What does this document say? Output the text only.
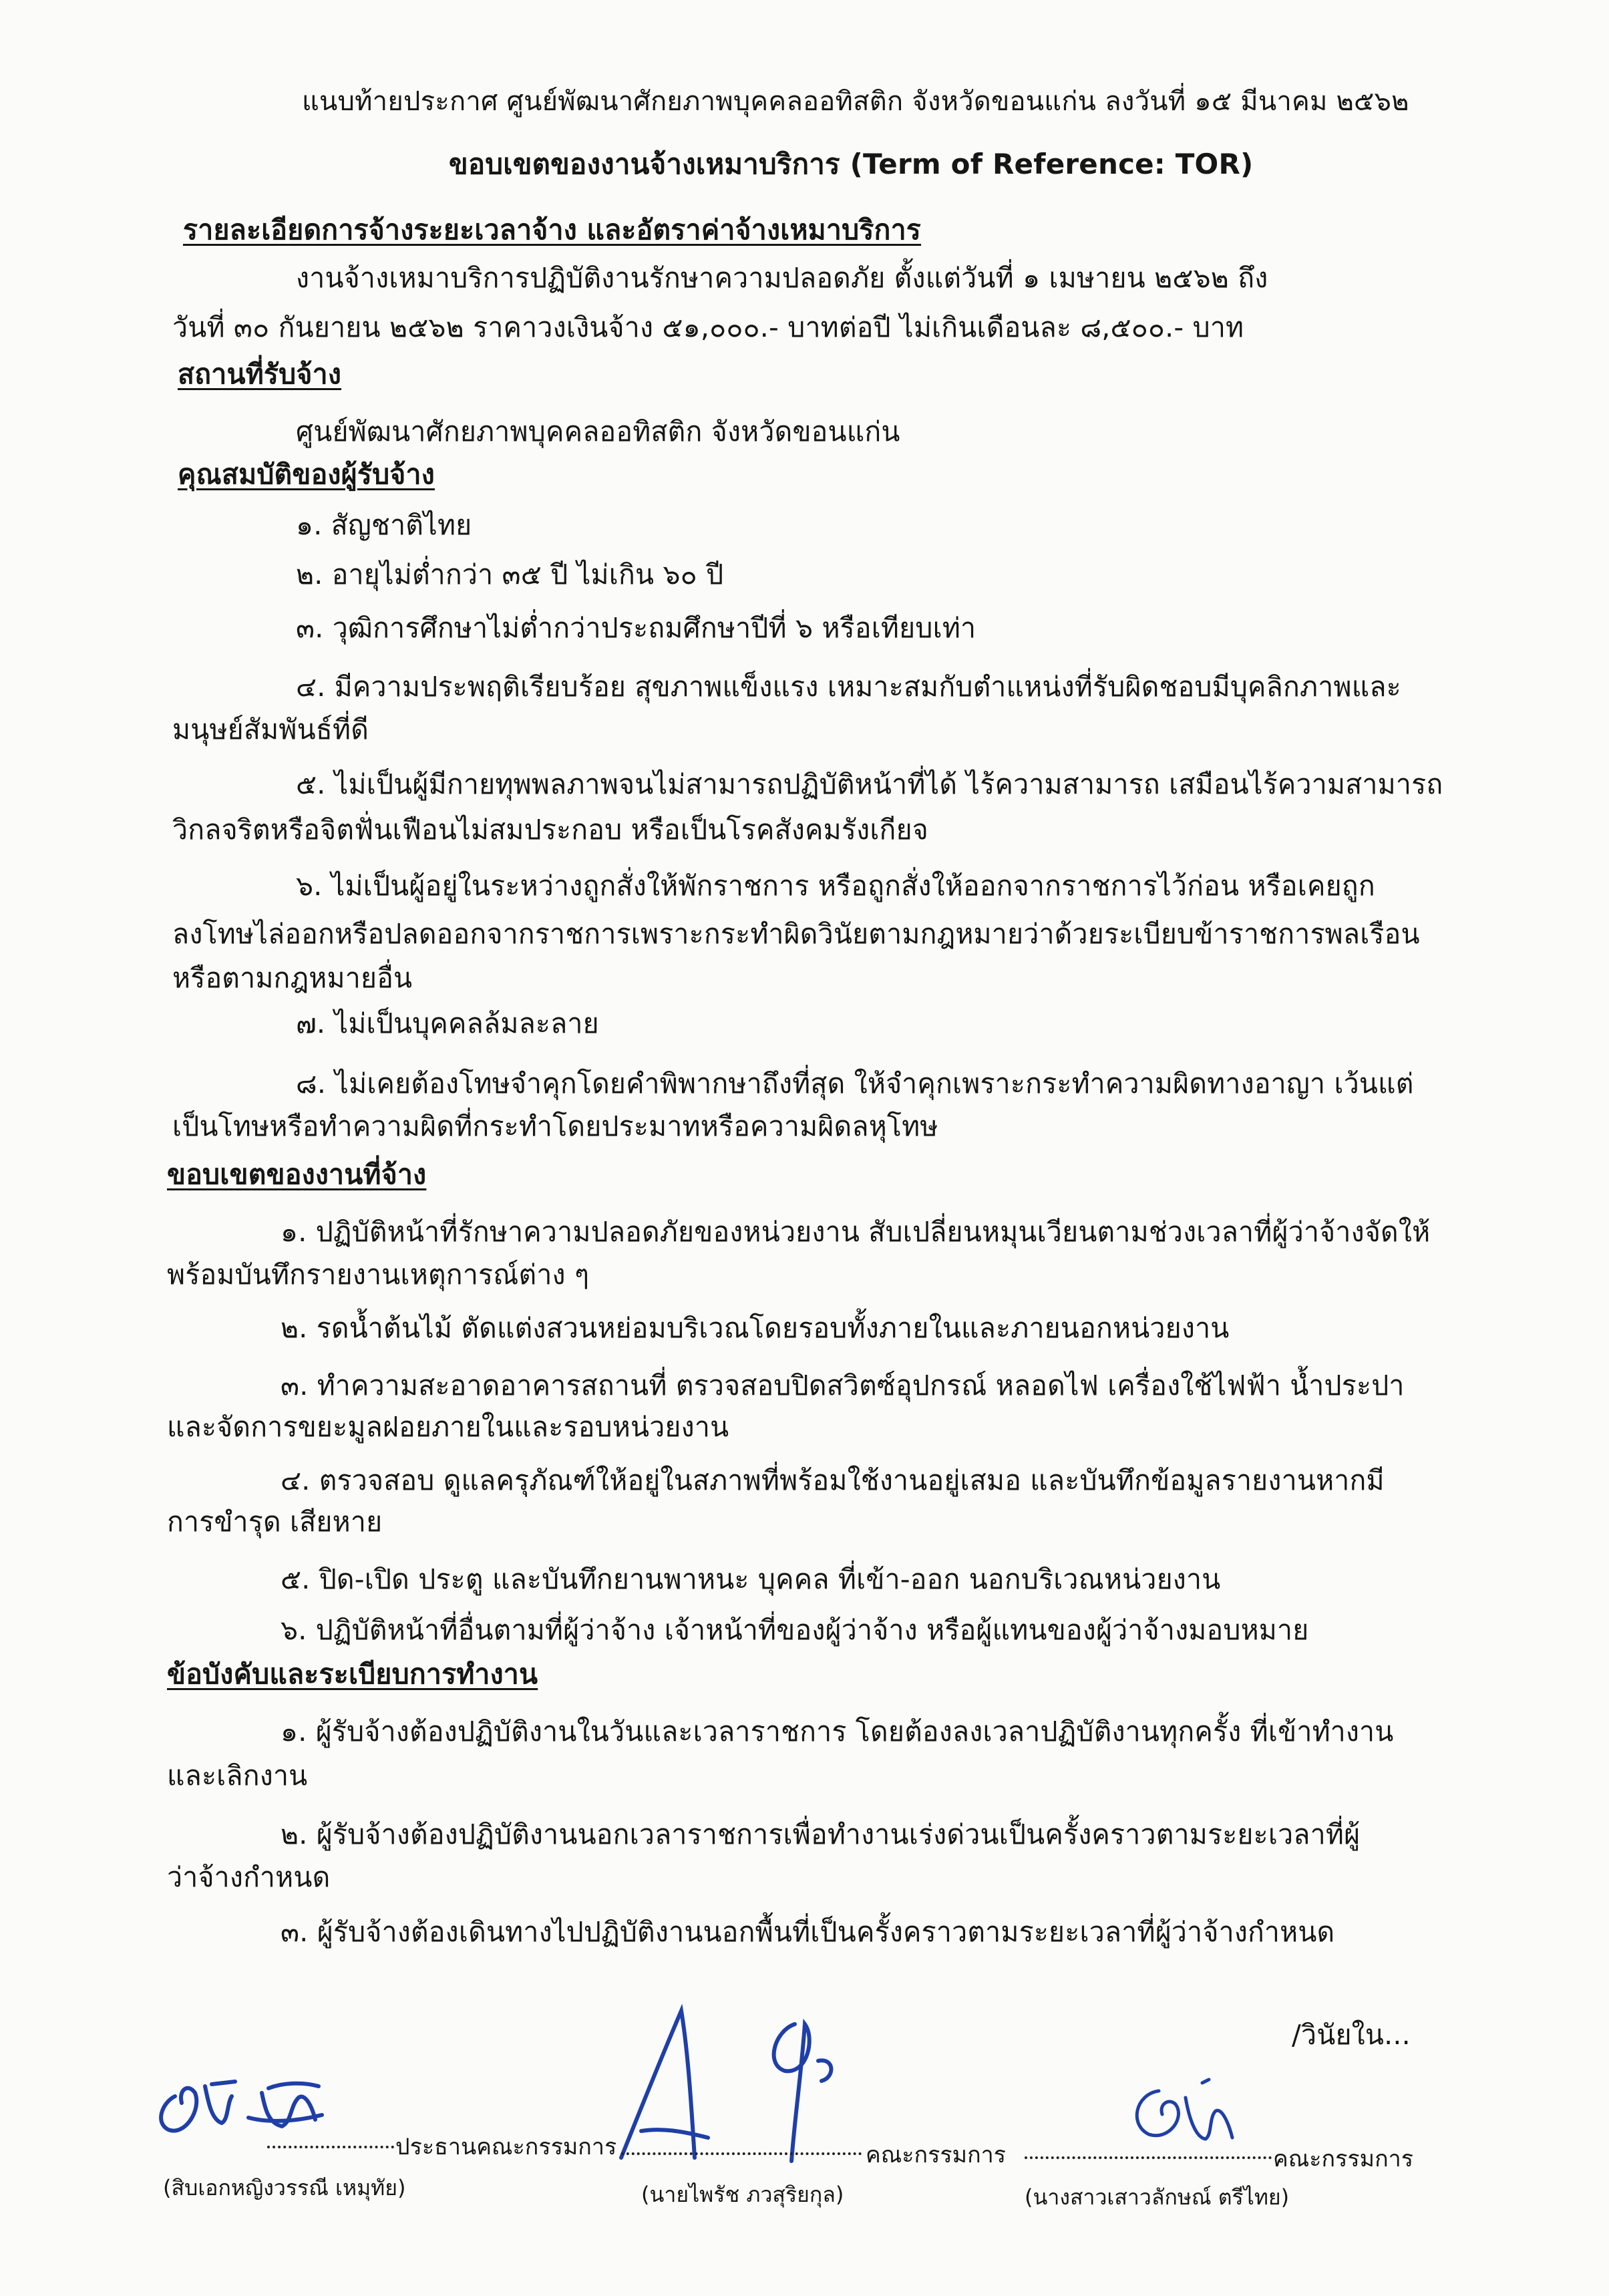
แนบท้ายประกาศ ศูนย์พัฒนาศักยภาพบุคคลออทิสติก จังหวัดขอนแก่น ลงวันที่ ๑๕ มีนาคม ๒๕๖๒
ขอบเขตของงานจ้างเหมาบริการ (Term of Reference: TOR)
รายละเอียดการจ้างระยะเวลาจ้าง และอัตราค่าจ้างเหมาบริการ
งานจ้างเหมาบริการปฏิบัติงานรักษาความปลอดภัย ตั้งแต่วันที่ ๑ เมษายน ๒๕๖๒ ถึง
วันที่ ๓๐ กันยายน ๒๕๖๒ ราคาวงเงินจ้าง ๕๑,๐๐๐.- บาทต่อปี ไม่เกินเดือนละ ๘,๕๐๐.- บาท
สถานที่รับจ้าง
ศูนย์พัฒนาศักยภาพบุคคลออทิสติก จังหวัดขอนแก่น
คุณสมบัติของผู้รับจ้าง
๑. สัญชาติไทย
๒. อายุไม่ต่ำกว่า ๓๕ ปี ไม่เกิน ๖๐ ปี
๓. วุฒิการศึกษาไม่ต่ำกว่าประถมศึกษาปีที่ ๖ หรือเทียบเท่า
๔. มีความประพฤติเรียบร้อย สุขภาพแข็งแรง เหมาะสมกับตำแหน่งที่รับผิดชอบมีบุคลิกภาพและ
มนุษย์สัมพันธ์ที่ดี
๕. ไม่เป็นผู้มีกายทุพพลภาพจนไม่สามารถปฏิบัติหน้าที่ได้ ไร้ความสามารถ เสมือนไร้ความสามารถ
วิกลจริตหรือจิตฟั่นเฟือนไม่สมประกอบ หรือเป็นโรคสังคมรังเกียจ
๖. ไม่เป็นผู้อยู่ในระหว่างถูกสั่งให้พักราชการ หรือถูกสั่งให้ออกจากราชการไว้ก่อน หรือเคยถูก
ลงโทษไล่ออกหรือปลดออกจากราชการเพราะกระทำผิดวินัยตามกฎหมายว่าด้วยระเบียบข้าราชการพลเรือน
หรือตามกฎหมายอื่น
๗. ไม่เป็นบุคคลล้มละลาย
๘. ไม่เคยต้องโทษจำคุกโดยคำพิพากษาถึงที่สุด ให้จำคุกเพราะกระทำความผิดทางอาญา เว้นแต่
เป็นโทษหรือทำความผิดที่กระทำโดยประมาทหรือความผิดลหุโทษ
ขอบเขตของงานที่จ้าง
๑. ปฏิบัติหน้าที่รักษาความปลอดภัยของหน่วยงาน สับเปลี่ยนหมุนเวียนตามช่วงเวลาที่ผู้ว่าจ้างจัดให้
พร้อมบันทึกรายงานเหตุการณ์ต่าง ๆ
๒. รดน้ำต้นไม้ ตัดแต่งสวนหย่อมบริเวณโดยรอบทั้งภายในและภายนอกหน่วยงาน
๓. ทำความสะอาดอาคารสถานที่ ตรวจสอบปิดสวิตซ์อุปกรณ์ หลอดไฟ เครื่องใช้ไฟฟ้า น้ำประปา
และจัดการขยะมูลฝอยภายในและรอบหน่วยงาน
๔. ตรวจสอบ ดูแลครุภัณฑ์ให้อยู่ในสภาพที่พร้อมใช้งานอยู่เสมอ และบันทึกข้อมูลรายงานหากมี
การขำรุด เสียหาย
๕. ปิด-เปิด ประตู และบันทึกยานพาหนะ บุคคล ที่เข้า-ออก นอกบริเวณหน่วยงาน
๖. ปฏิบัติหน้าที่อื่นตามที่ผู้ว่าจ้าง เจ้าหน้าที่ของผู้ว่าจ้าง หรือผู้แทนของผู้ว่าจ้างมอบหมาย
ข้อบังคับและระเบียบการทำงาน
๑. ผู้รับจ้างต้องปฏิบัติงานในวันและเวลาราชการ โดยต้องลงเวลาปฏิบัติงานทุกครั้ง ที่เข้าทำงาน
และเลิกงาน
๒. ผู้รับจ้างต้องปฏิบัติงานนอกเวลาราชการเพื่อทำงานเร่งด่วนเป็นครั้งคราวตามระยะเวลาที่ผู้
ว่าจ้างกำหนด
๓. ผู้รับจ้างต้องเดินทางไปปฏิบัติงานนอกพื้นที่เป็นครั้งคราวตามระยะเวลาที่ผู้ว่าจ้างกำหนด
/วินัยใน...
ประธานคณะกรรมการ
(สิบเอกหญิงวรรณี เหมุทัย)
คณะกรรมการ
(นายไพรัช ภวสุริยกุล)
คณะกรรมการ
(นางสาวเสาวลักษณ์ ตรีไทย)
